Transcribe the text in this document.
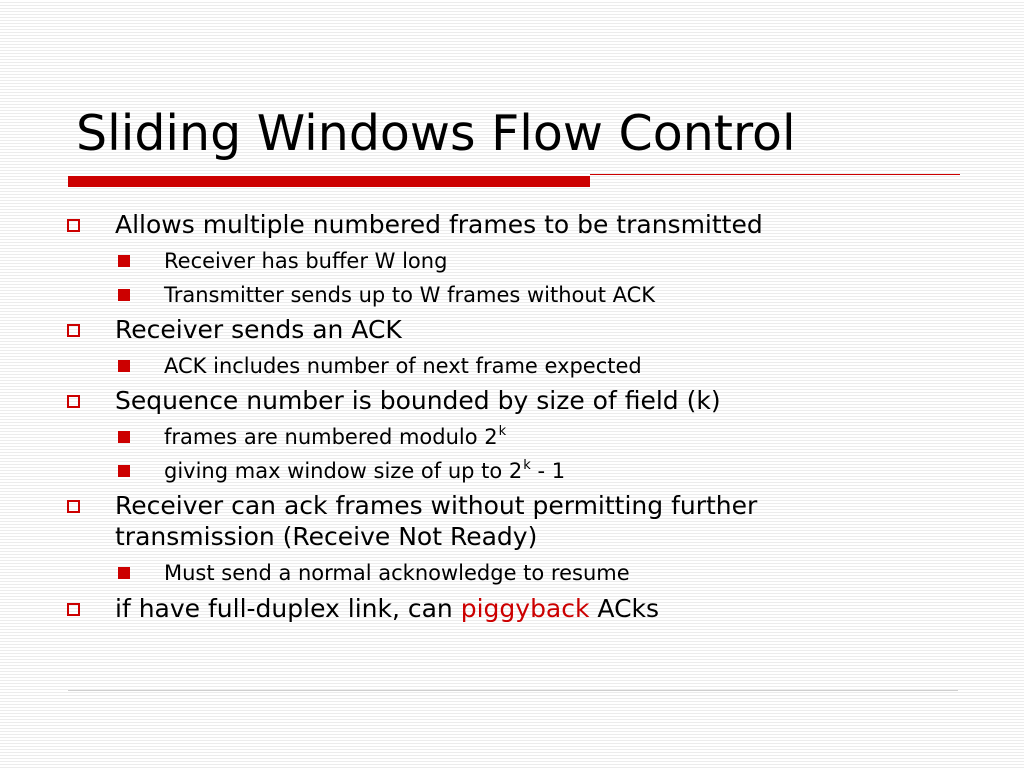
Sliding Windows Flow Control
Allows multiple numbered frames to be transmitted
Receiver has buffer W long
Transmitter sends up to W frames without ACK
Receiver sends an ACK
ACK includes number of next frame expected
Sequence number is bounded by size of field (k)
frames are numbered modulo 2$^k$
giving max window size of up to 2$^k$ - 1
Receiver can ack frames without permitting further
transmission (Receive Not Ready)
Must send a normal acknowledge to resume
if have full-duplex link, can piggyback ACks
